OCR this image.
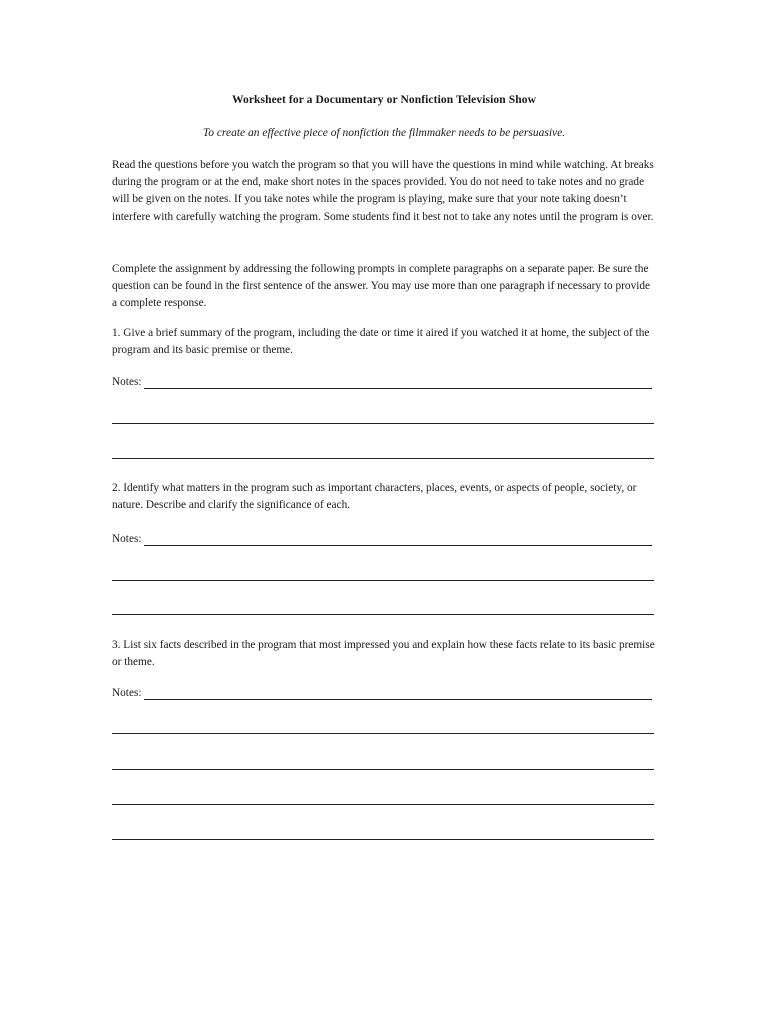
Worksheet for a Documentary or Nonfiction Television Show
To create an effective piece of nonfiction the filmmaker needs to be persuasive.

Read the questions before you watch the program so that you will have the questions in mind while watching. At breaks during the program or at the end, make short notes in the spaces provided. You do not need to take notes and no grade will be given on the notes. If you take notes while the program is playing, make sure that your note taking doesn’t interfere with carefully watching the program. Some students find it best not to take any notes until the program is over.

Complete the assignment by addressing the following prompts in complete paragraphs on a separate paper. Be sure the question can be found in the first sentence of the answer. You may use more than one paragraph if necessary to provide a complete response.

1. Give a brief summary of the program, including the date or time it aired if you watched it at home, the subject of the program and its basic premise or theme.

Notes:

2. Identify what matters in the program such as important characters, places, events, or aspects of people, society, or nature. Describe and clarify the significance of each.

Notes:

3. List six facts described in the program that most impressed you and explain how these facts relate to its basic premise or theme.

Notes:
